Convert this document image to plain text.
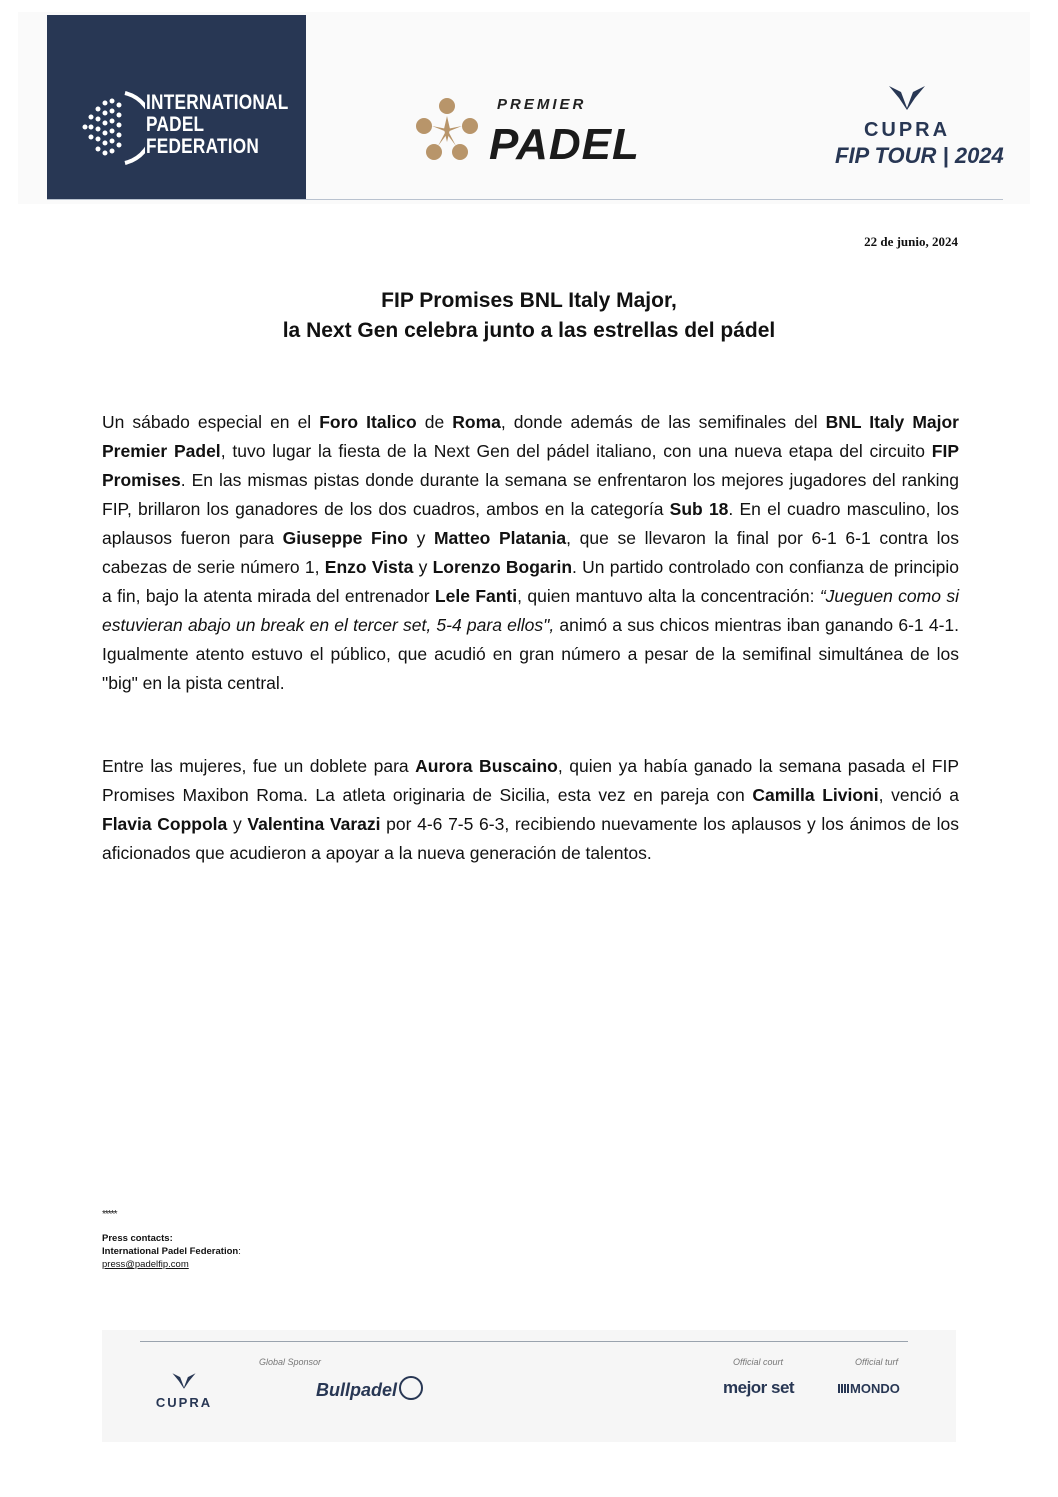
INTERNATIONAL
PADEL
FEDERATION
PREMIER
PADEL	CUPRA
FIP TOUR | 2024
22 de junio, 2024
FIP Promises BNL Italy Major,
la Next Gen celebra junto a las estrellas del pádel
Un sábado especial en el Foro Italico de Roma, donde además de las semifinales del BNL Italy Major Premier Padel, tuvo lugar la fiesta de la Next Gen del pádel italiano, con una nueva etapa del circuito FIP Promises. En las mismas pistas donde durante la semana se enfrentaron los mejores jugadores del ranking FIP, brillaron los ganadores de los dos cuadros, ambos en la categoría Sub 18. En el cuadro masculino, los aplausos fueron para Giuseppe Fino y Matteo Platania, que se llevaron la final por 6-1 6-1 contra los cabezas de serie número 1, Enzo Vista y Lorenzo Bogarin. Un partido controlado con confianza de principio a fin, bajo la atenta mirada del entrenador Lele Fanti, quien mantuvo alta la concentración: “Jueguen como si estuvieran abajo un break en el tercer set, 5-4 para ellos", animó a sus chicos mientras iban ganando 6-1 4-1. Igualmente atento estuvo el público, que acudió en gran número a pesar de la semifinal simultánea de los "big" en la pista central.
Entre las mujeres, fue un doblete para Aurora Buscaino, quien ya había ganado la semana pasada el FIP Promises Maxibon Roma. La atleta originaria de Sicilia, esta vez en pareja con Camilla Livioni, venció a Flavia Coppola y Valentina Varazi por 4-6 7-5 6-3, recibiendo nuevamente los aplausos y los ánimos de los aficionados que acudieron a apoyar a la nueva generación de talentos.
*****
Press contacts:
International Padel Federation:
press@padelfip.com
Global Sponsor	Official court	Official turf
CUPRA
Bullpadel	mejor set	MONDO
